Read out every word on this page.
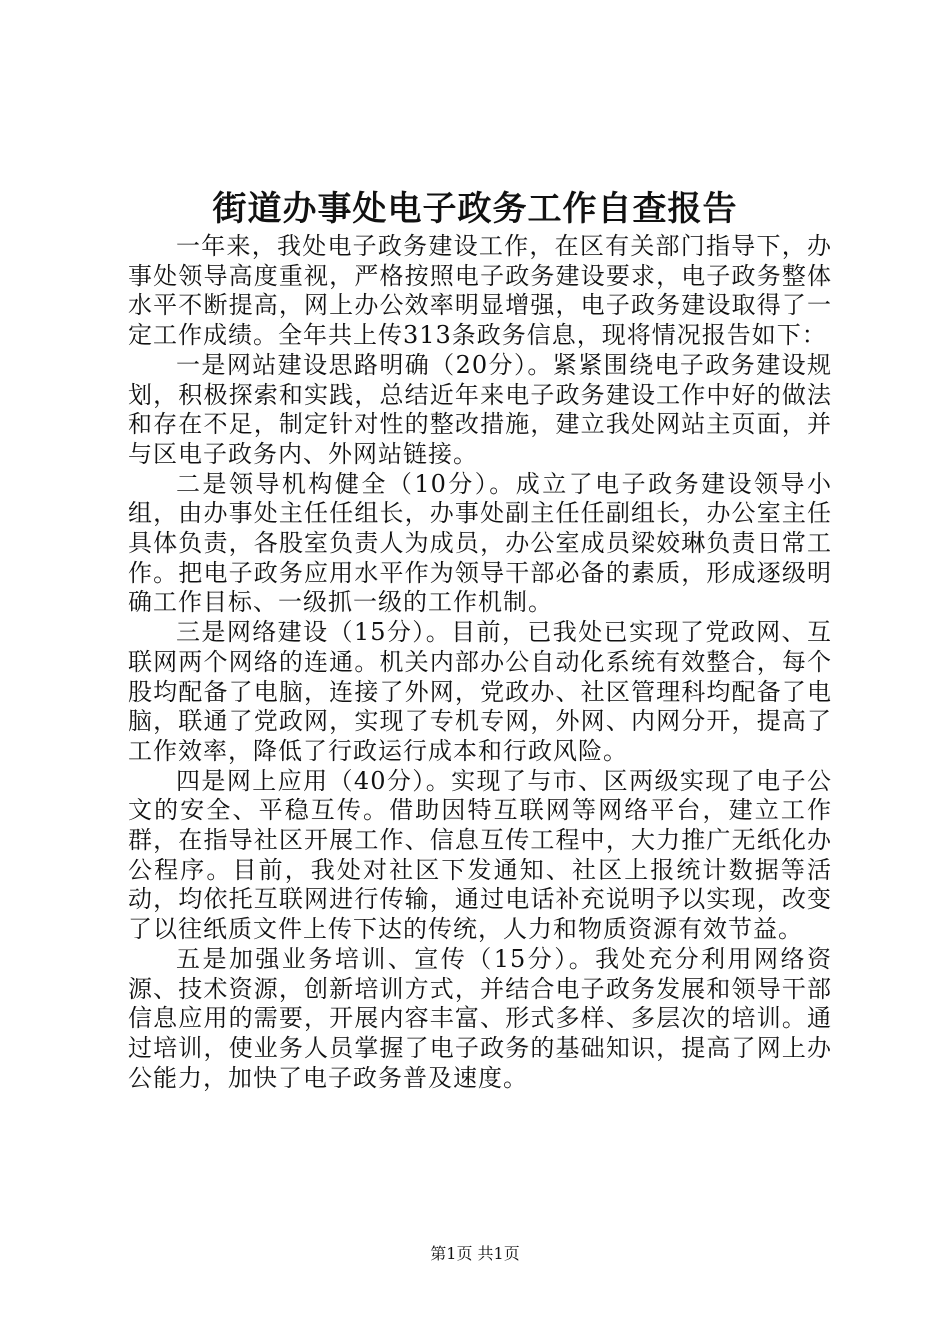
街道办事处电子政务工作自查报告

一年来，我处电子政务建设工作，在区有关部门指导下，办事处领导高度重视，严格按照电子政务建设要求，电子政务整体水平不断提高，网上办公效率明显增强，电子政务建设取得了一定工作成绩。全年共上传313条政务信息，现将情况报告如下：

一是网站建设思路明确（20分）。紧紧围绕电子政务建设规划，积极探索和实践，总结近年来电子政务建设工作中好的做法和存在不足，制定针对性的整改措施，建立我处网站主页面，并与区电子政务内、外网站链接。

二是领导机构健全（10分）。成立了电子政务建设领导小组，由办事处主任任组长，办事处副主任任副组长，办公室主任具体负责，各股室负责人为成员，办公室成员梁姣琳负责日常工作。把电子政务应用水平作为领导干部必备的素质，形成逐级明确工作目标、一级抓一级的工作机制。

三是网络建设（15分）。目前，已我处已实现了党政网、互联网两个网络的连通。机关内部办公自动化系统有效整合，每个股均配备了电脑，连接了外网，党政办、社区管理科均配备了电脑，联通了党政网，实现了专机专网，外网、内网分开，提高了工作效率，降低了行政运行成本和行政风险。

四是网上应用（40分）。实现了与市、区两级实现了电子公文的安全、平稳互传。借助因特互联网等网络平台，建立工作群，在指导社区开展工作、信息互传工程中，大力推广无纸化办公程序。目前，我处对社区下发通知、社区上报统计数据等活动，均依托互联网进行传输，通过电话补充说明予以实现，改变了以往纸质文件上传下达的传统，人力和物质资源有效节益。

五是加强业务培训、宣传（15分）。我处充分利用网络资源、技术资源，创新培训方式，并结合电子政务发展和领导干部信息应用的需要，开展内容丰富、形式多样、多层次的培训。通过培训，使业务人员掌握了电子政务的基础知识，提高了网上办公能力，加快了电子政务普及速度。

第1页 共1页
